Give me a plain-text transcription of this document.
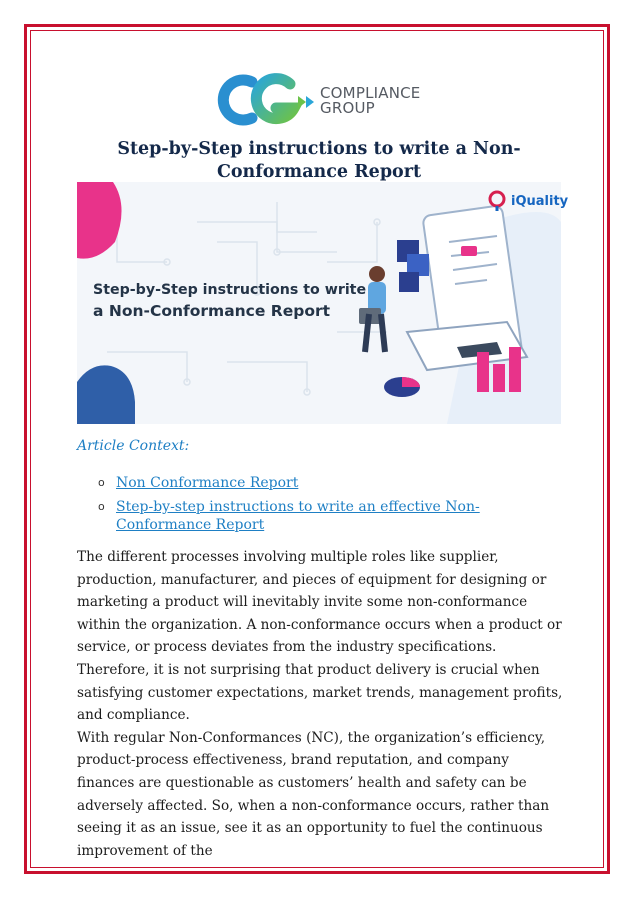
COMPLIANCE
GROUP
Step-by-Step instructions to write a Non-Conformance Report
iQuality
Step-by-Step instructions to write
a Non-Conformance Report
Article Context:
o Non Conformance Report
o Step-by-step instructions to write an effective Non-Conformance Report

The different processes involving multiple roles like supplier, production, manufacturer, and pieces of equipment for designing or marketing a product will inevitably invite some non-conformance within the organization. A non-conformance occurs when a product or service, or process deviates from the industry specifications. Therefore, it is not surprising that product delivery is crucial when satisfying customer expectations, market trends, management profits, and compliance.

With regular Non-Conformances (NC), the organization’s efficiency, product-process effectiveness, brand reputation, and company finances are questionable as customers’ health and safety can be adversely affected. So, when a non-conformance occurs, rather than seeing it as an issue, see it as an opportunity to fuel the continuous improvement of the
